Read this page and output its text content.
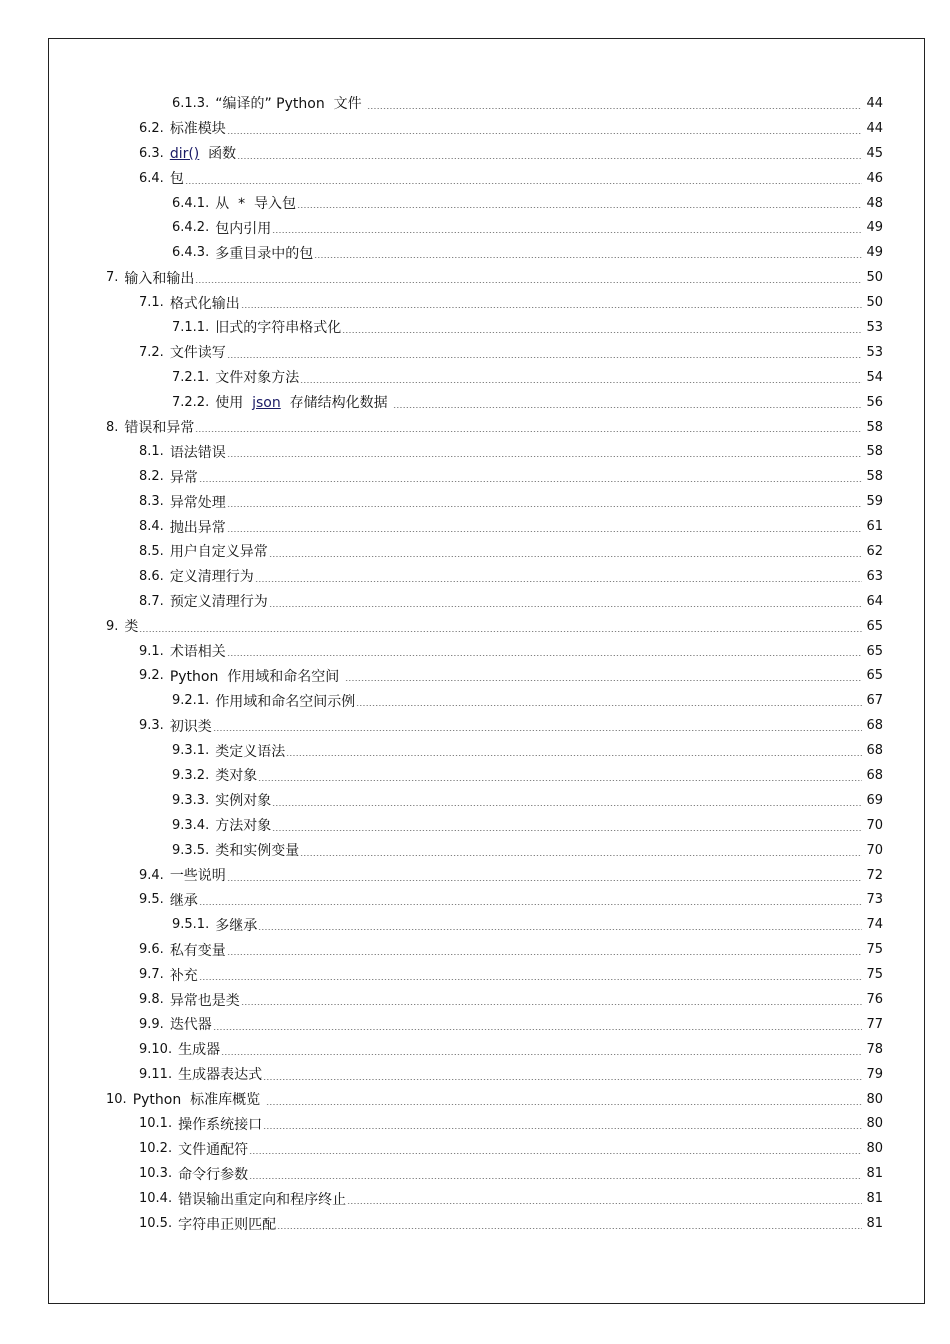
6.1.3. “编译的” Python  文件	44
6.2. 标准模块	44
6.3. dir()  函数	45
6.4. 包	46
6.4.1. 从  *  导入包	48
6.4.2. 包内引用	49
6.4.3. 多重目录中的包	49
7. 输入和输出	50
7.1. 格式化输出	50
7.1.1. 旧式的字符串格式化	53
7.2. 文件读写	53
7.2.1. 文件对象方法	54
7.2.2. 使用  json  存储结构化数据	56
8. 错误和异常	58
8.1. 语法错误	58
8.2. 异常	58
8.3. 异常处理	59
8.4. 抛出异常	61
8.5. 用户自定义异常	62
8.6. 定义清理行为	63
8.7. 预定义清理行为	64
9. 类	65
9.1. 术语相关	65
9.2. Python  作用域和命名空间	65
9.2.1. 作用域和命名空间示例	67
9.3. 初识类	68
9.3.1. 类定义语法	68
9.3.2. 类对象	68
9.3.3. 实例对象	69
9.3.4. 方法对象	70
9.3.5. 类和实例变量	70
9.4. 一些说明	72
9.5. 继承	73
9.5.1. 多继承	74
9.6. 私有变量	75
9.7. 补充	75
9.8. 异常也是类	76
9.9. 迭代器	77
9.10. 生成器	78
9.11. 生成器表达式	79
10. Python  标准库概览	80
10.1. 操作系统接口	80
10.2. 文件通配符	80
10.3. 命令行参数	81
10.4. 错误输出重定向和程序终止	81
10.5. 字符串正则匹配	81
